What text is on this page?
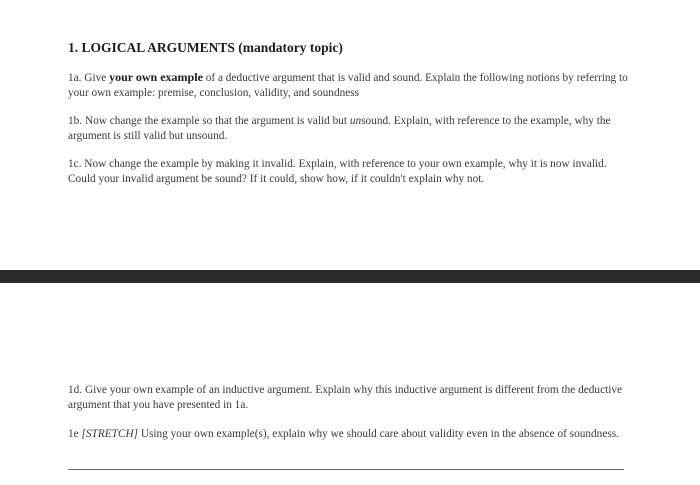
1. LOGICAL ARGUMENTS (mandatory topic)

1a. Give your own example of a deductive argument that is valid and sound. Explain the following notions by referring to your own example: premise, conclusion, validity, and soundness

1b. Now change the example so that the argument is valid but unsound. Explain, with reference to the example, why the argument is still valid but unsound.

1c. Now change the example by making it invalid. Explain, with reference to your own example, why it is now invalid. Could your invalid argument be sound? If it could, show how, if it couldn't explain why not.

1d. Give your own example of an inductive argument. Explain why this inductive argument is different from the deductive argument that you have presented in 1a.

1e [STRETCH] Using your own example(s), explain why we should care about validity even in the absence of soundness.
